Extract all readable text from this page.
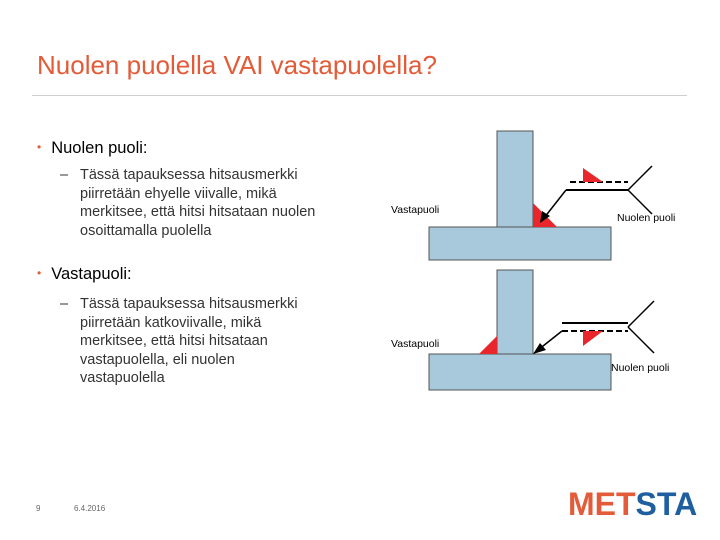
Nuolen puolella VAI vastapuolella?
• Nuolen puoli:
– Tässä tapauksessa hitsausmerkki
piirretään ehyelle viivalle, mikä
merkitsee, että hitsi hitsataan nuolen
osoittamalla puolella
• Vastapuoli:
– Tässä tapauksessa hitsausmerkki
piirretään katkoviivalle, mikä
merkitsee, että hitsi hitsataan
vastapuolella, eli nuolen
vastapuolella
Vastapuoli
Nuolen puoli
Vastapuoli
Nuolen puoli
9	6.4.2016	METSTA
